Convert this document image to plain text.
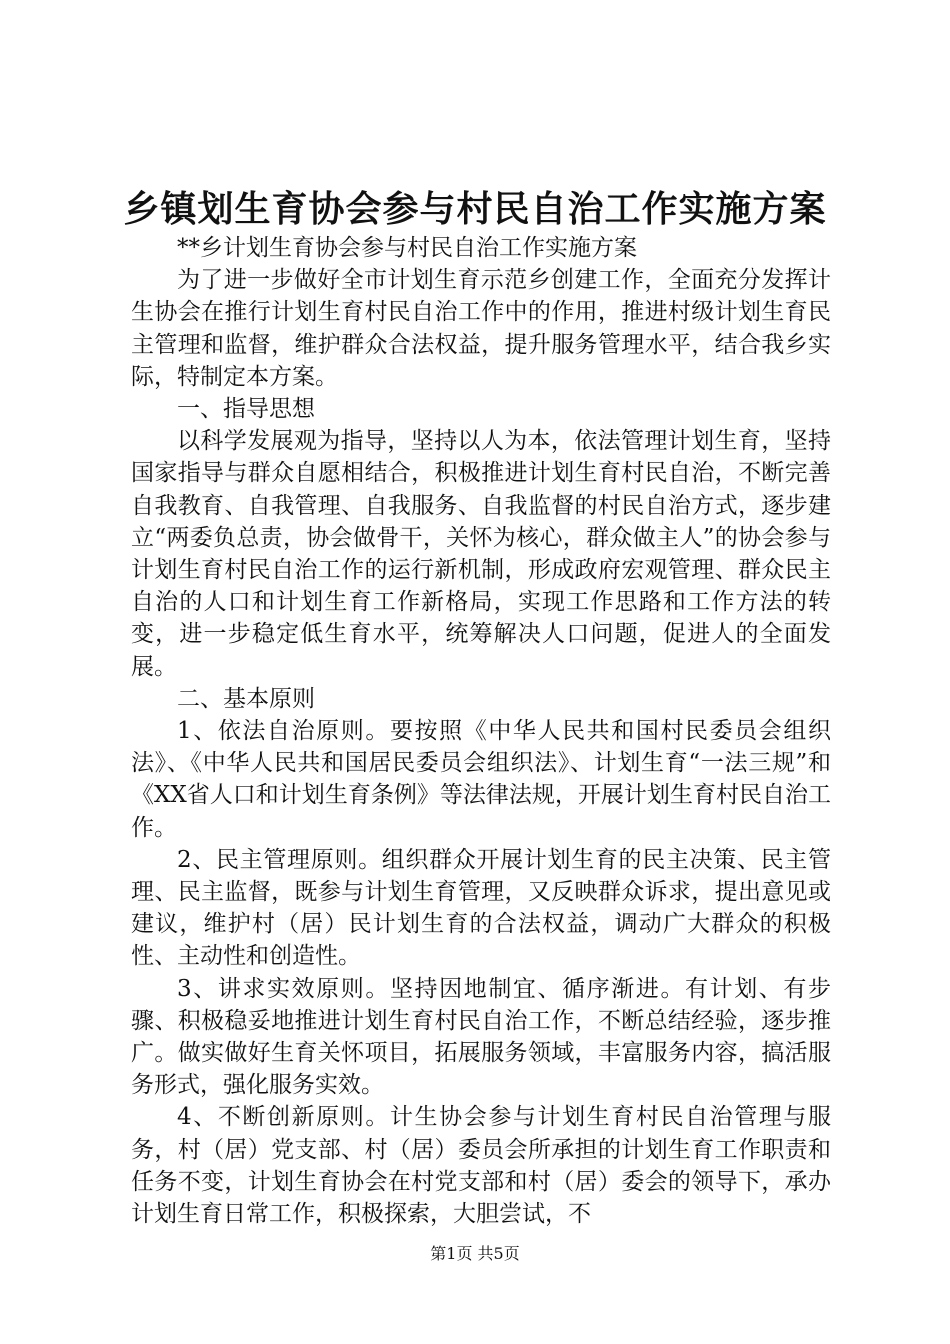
乡镇划生育协会参与村民自治工作实施方案

**乡计划生育协会参与村民自治工作实施方案

为了进一步做好全市计划生育示范乡创建工作，全面充分发挥计生协会在推行计划生育村民自治工作中的作用，推进村级计划生育民主管理和监督，维护群众合法权益，提升服务管理水平，结合我乡实际，特制定本方案。

一、指导思想

以科学发展观为指导，坚持以人为本，依法管理计划生育，坚持国家指导与群众自愿相结合，积极推进计划生育村民自治，不断完善自我教育、自我管理、自我服务、自我监督的村民自治方式，逐步建立“两委负总责，协会做骨干，关怀为核心，群众做主人”的协会参与计划生育村民自治工作的运行新机制，形成政府宏观管理、群众民主自治的人口和计划生育工作新格局，实现工作思路和工作方法的转变，进一步稳定低生育水平，统筹解决人口问题，促进人的全面发展。

二、基本原则

1、依法自治原则。要按照《中华人民共和国村民委员会组织法》、《中华人民共和国居民委员会组织法》、计划生育“一法三规”和《XX省人口和计划生育条例》等法律法规，开展计划生育村民自治工作。

2、民主管理原则。组织群众开展计划生育的民主决策、民主管理、民主监督，既参与计划生育管理，又反映群众诉求，提出意见或建议，维护村（居）民计划生育的合法权益，调动广大群众的积极性、主动性和创造性。

3、讲求实效原则。坚持因地制宜、循序渐进。有计划、有步骤、积极稳妥地推进计划生育村民自治工作，不断总结经验，逐步推广。做实做好生育关怀项目，拓展服务领域，丰富服务内容，搞活服务形式，强化服务实效。

4、不断创新原则。计生协会参与计划生育村民自治管理与服务，村（居）党支部、村（居）委员会所承担的计划生育工作职责和任务不变，计划生育协会在村党支部和村（居）委会的领导下，承办计划生育日常工作，积极探索，大胆尝试，不

第1页 共5页
